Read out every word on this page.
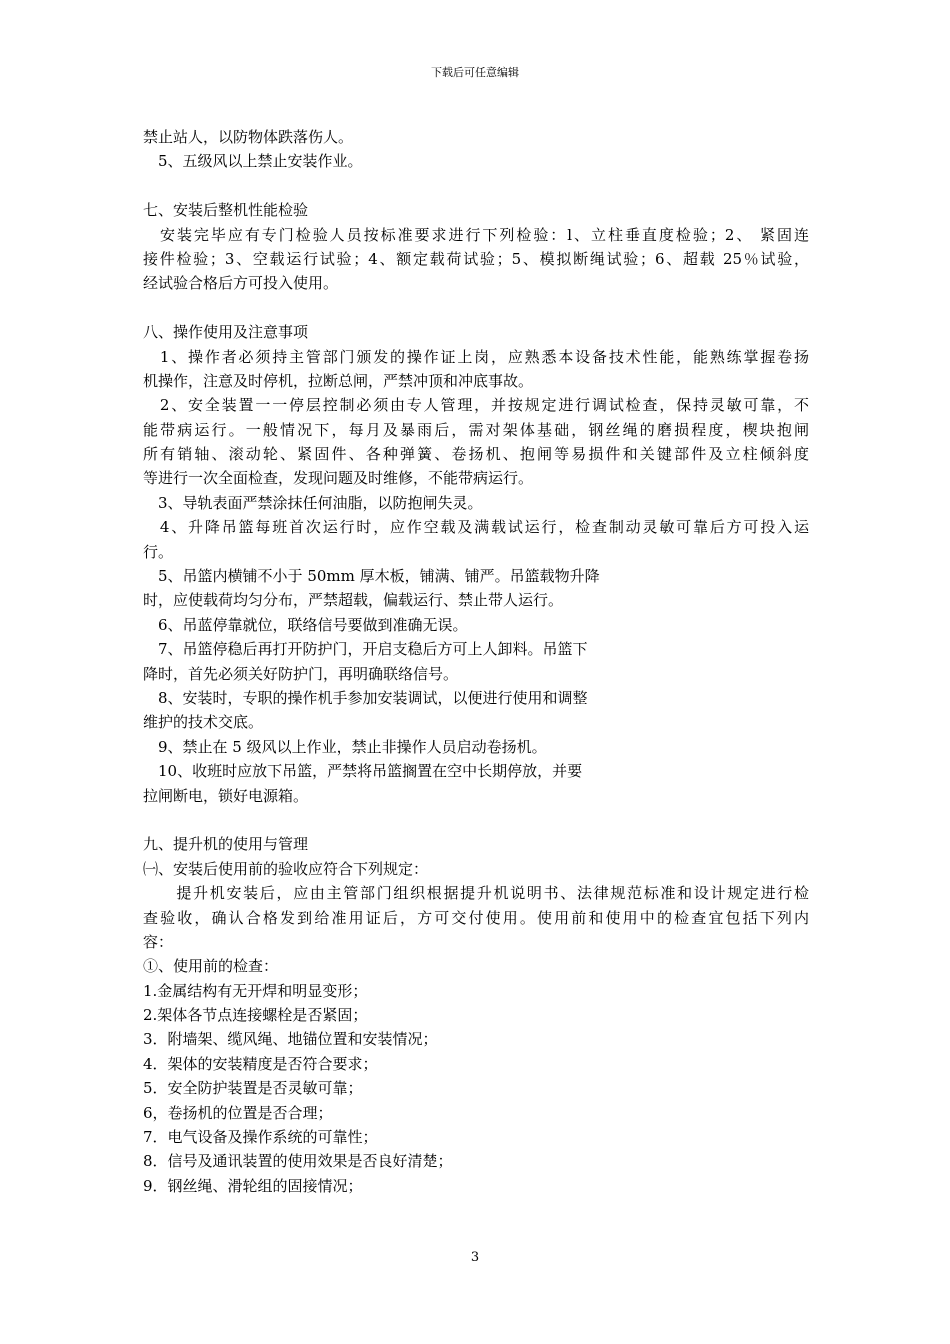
下载后可任意编辑
禁止站人，以防物体跌落伤人。
　5、五级风以上禁止安装作业。
七、安装后整机性能检验
　安装完毕应有专门检验人员按标准要求进行下列检验：l、立柱垂直度检验；2、 紧固连
接件检验；3、空载运行试验；4、额定载荷试验；5、模拟断绳试验；6、超载 25％试验，
经试验合格后方可投入使用。
八、操作使用及注意事项
　1、操作者必须持主管部门颁发的操作证上岗，应熟悉本设备技术性能，能熟练掌握卷扬
机操作，注意及时停机，拉断总闸，严禁冲顶和冲底事故。
　2、安全装置一一停层控制必须由专人管理，并按规定进行调试检查，保持灵敏可靠，不
能带病运行。一般情况下，每月及暴雨后，需对架体基础，钢丝绳的磨损程度，楔块抱闸
所有销轴、滚动轮、紧固件、各种弹簧、卷扬机、抱闸等易损件和关键部件及立柱倾斜度
等进行一次全面检查，发现问题及时维修，不能带病运行。
　3、导轨表面严禁涂抹任何油脂，以防抱闸失灵。
　4、升降吊篮每班首次运行时，应作空载及满载试运行，检查制动灵敏可靠后方可投入运
行。
　5、吊篮内横铺不小于 50mm 厚木板，铺满、铺严。吊篮载物升降
时，应使载荷均匀分布，严禁超载，偏载运行、禁止带人运行。
　6、吊蓝停靠就位，联络信号要做到准确无误。
　7、吊篮停稳后再打开防护门，开启支稳后方可上人卸料。吊篮下
降时，首先必须关好防护门，再明确联络信号。
　8、安装时，专职的操作机手参加安装调试，以便进行使用和调整
维护的技术交底。
　9、禁止在 5 级风以上作业，禁止非操作人员启动卷扬机。
　10、收班时应放下吊篮，严禁将吊篮搁置在空中长期停放，并要
拉闸断电，锁好电源箱。
九、提升机的使用与管理
㈠、安装后使用前的验收应符合下列规定：
　　提升机安装后，应由主管部门组织根据提升机说明书、法律规范标准和设计规定进行检
查验收，确认合格发到给准用证后，方可交付使用。使用前和使用中的检查宜包括下列内
容：
①、使用前的检查：
1.金属结构有无开焊和明显变形；
2.架体各节点连接螺栓是否紧固；
3．附墙架、缆风绳、地锚位置和安装情况；
4．架体的安装精度是否符合要求；
5．安全防护装置是否灵敏可靠；
6，卷扬机的位置是否合理；
7．电气设备及操作系统的可靠性；
8．信号及通讯装置的使用效果是否良好清楚；
9．钢丝绳、滑轮组的固接情况；
3
